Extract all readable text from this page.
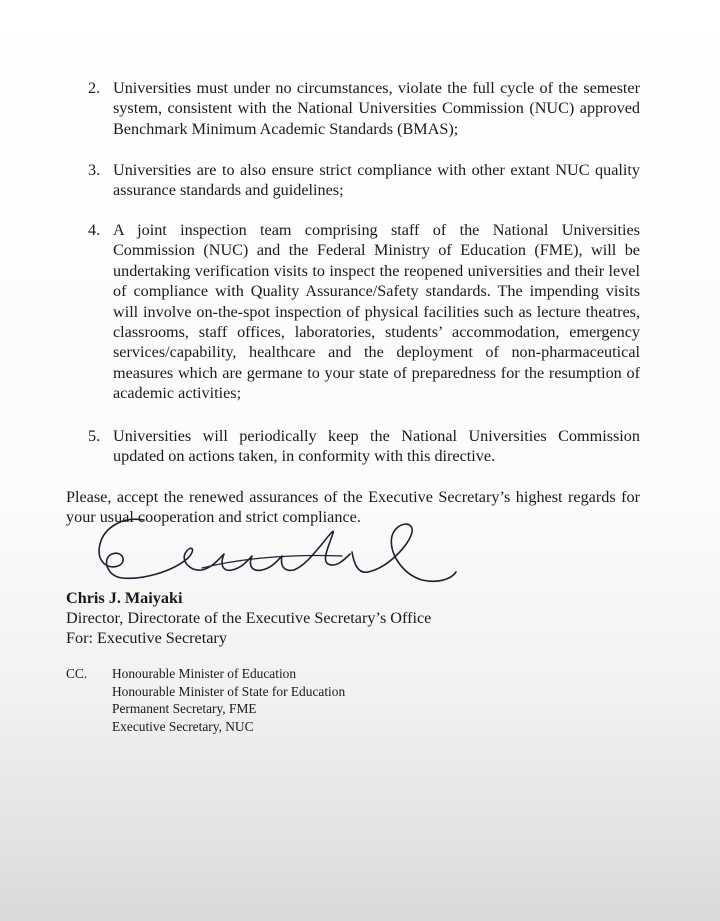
2. Universities must under no circumstances, violate the full cycle of the semester system, consistent with the National Universities Commission (NUC) approved Benchmark Minimum Academic Standards (BMAS);
3. Universities are to also ensure strict compliance with other extant NUC quality assurance standards and guidelines;
4. A joint inspection team comprising staff of the National Universities Commission (NUC) and the Federal Ministry of Education (FME), will be undertaking verification visits to inspect the reopened universities and their level of compliance with Quality Assurance/Safety standards. The impending visits will involve on-the-spot inspection of physical facilities such as lecture theatres, classrooms, staff offices, laboratories, students’ accommodation, emergency services/capability, healthcare and the deployment of non-pharmaceutical measures which are germane to your state of preparedness for the resumption of academic activities;
5. Universities will periodically keep the National Universities Commission updated on actions taken, in conformity with this directive.
Please, accept the renewed assurances of the Executive Secretary’s highest regards for your usual cooperation and strict compliance.
Chris J. Maiyaki
Director, Directorate of the Executive Secretary’s Office
For: Executive Secretary
CC. Honourable Minister of Education
Honourable Minister of State for Education
Permanent Secretary, FME
Executive Secretary, NUC
